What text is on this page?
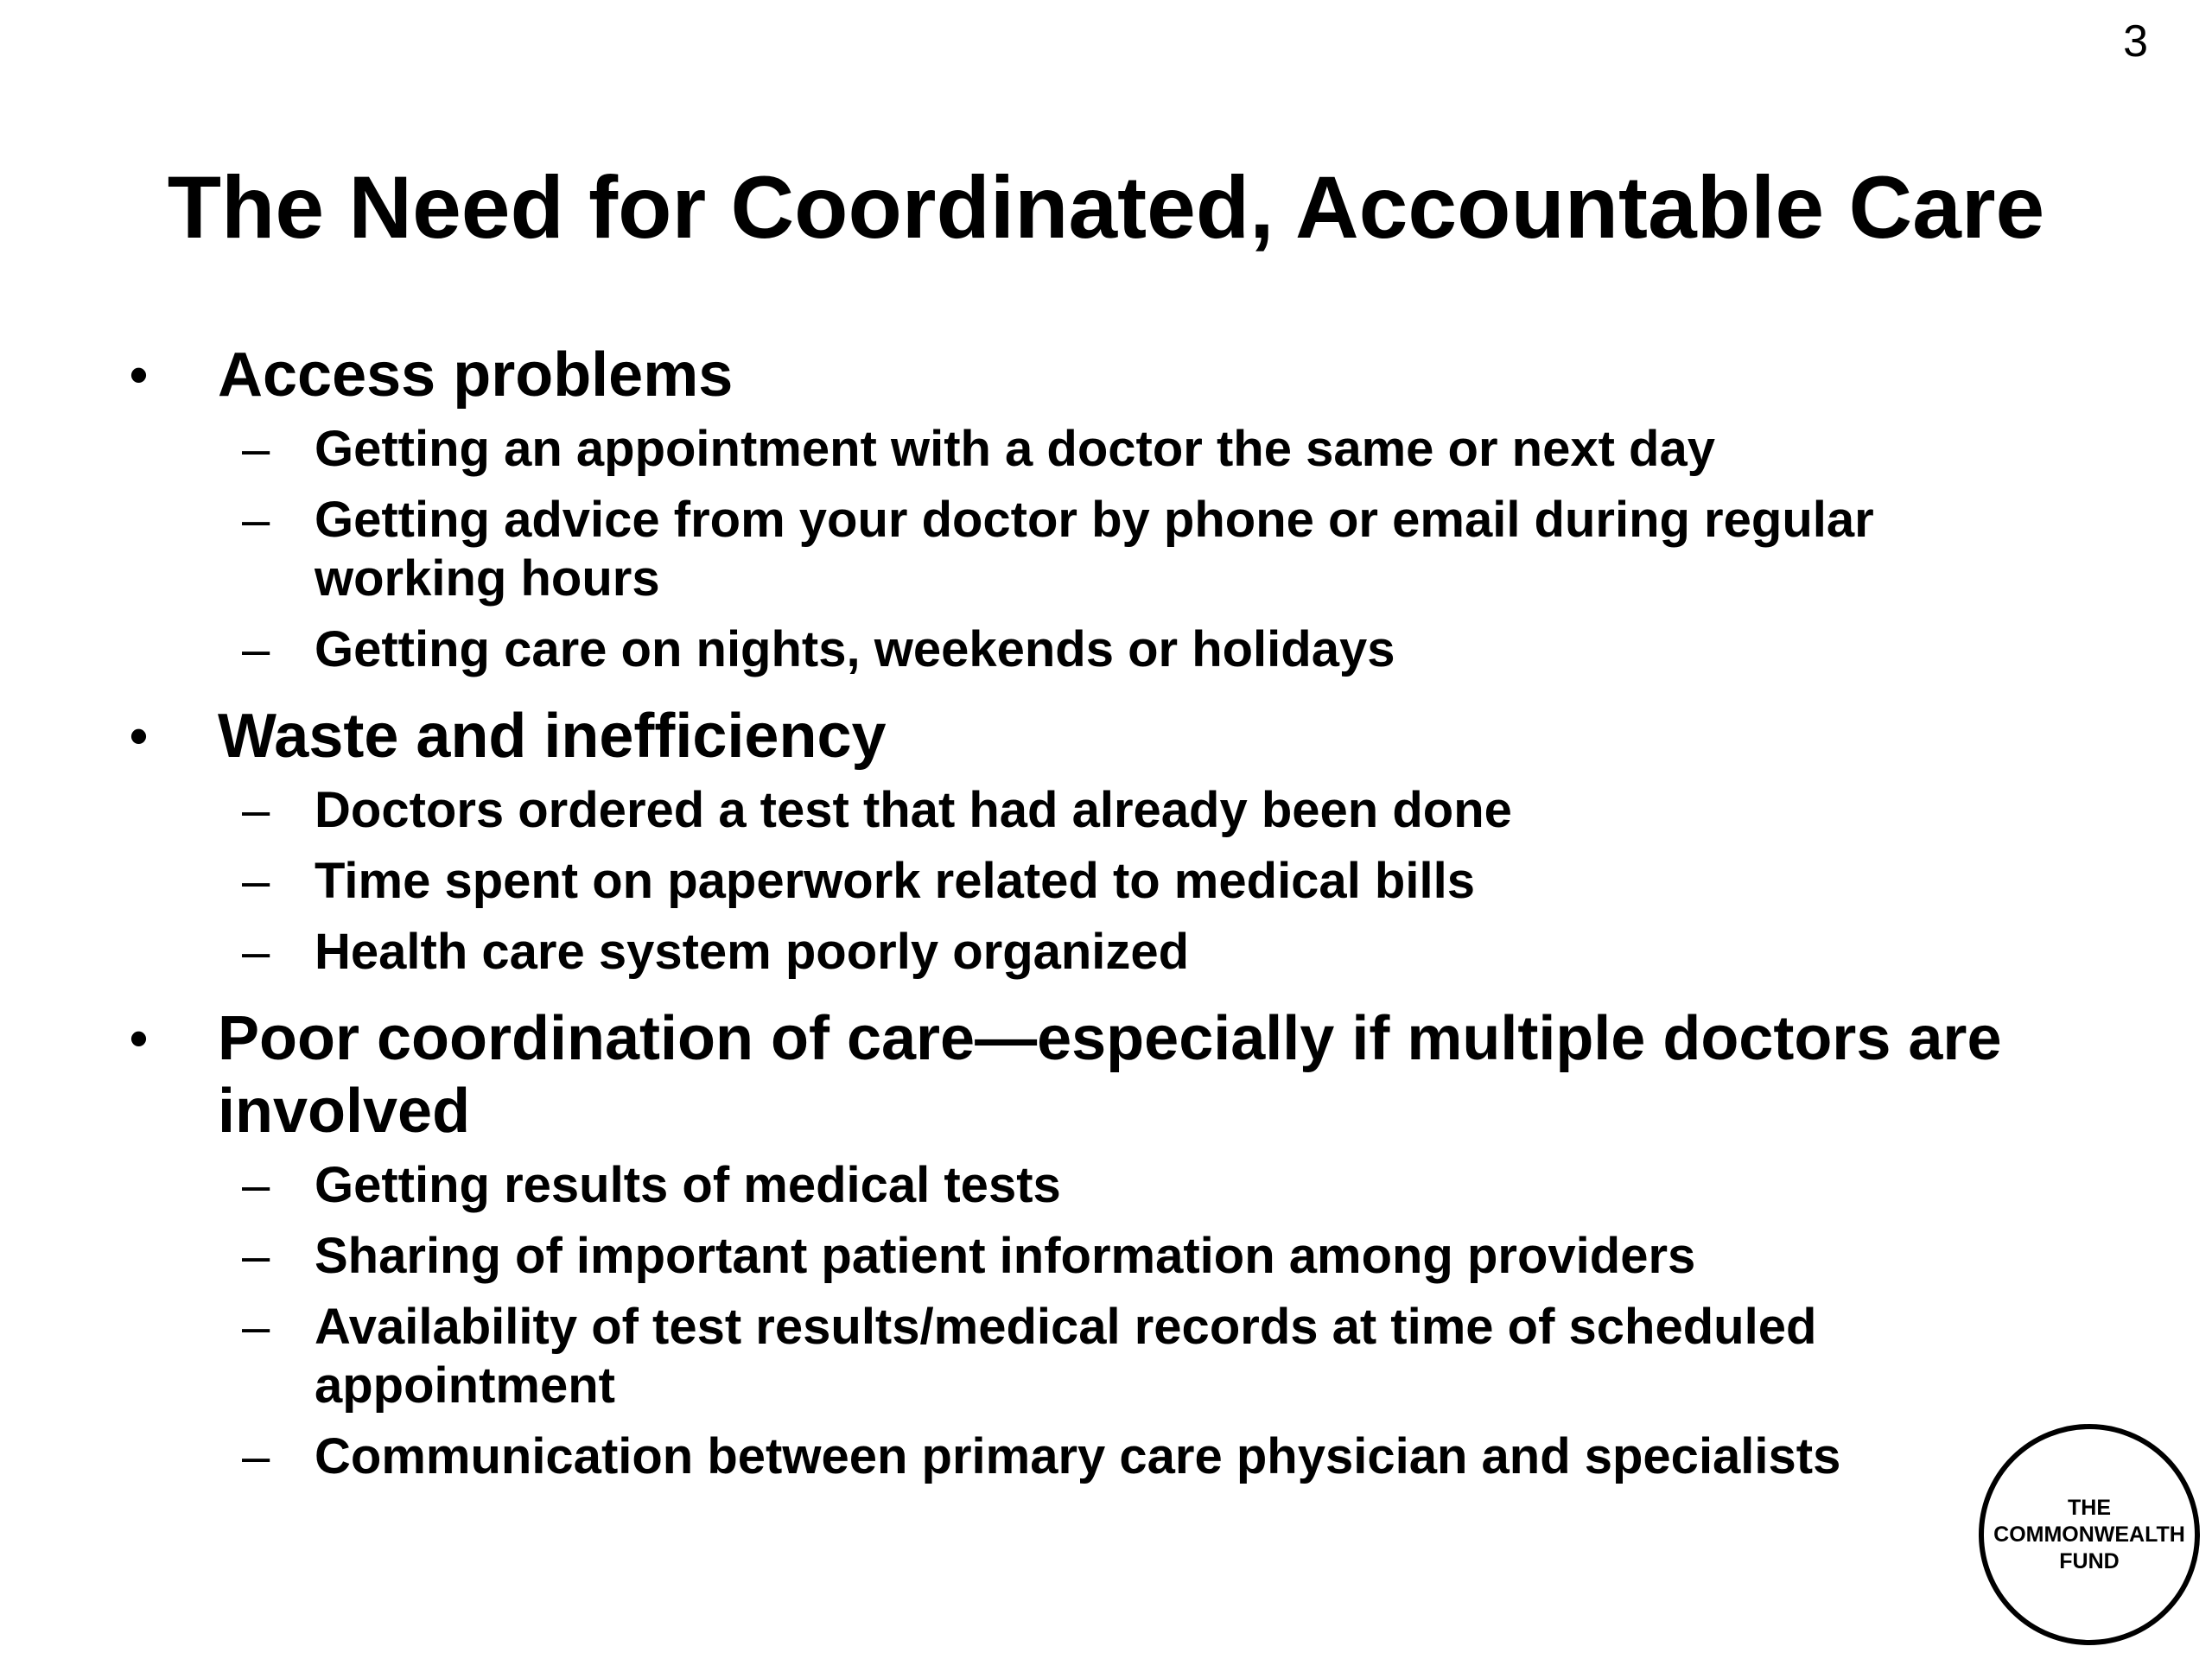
3
The Need for Coordinated, Accountable Care
• Access problems
– Getting an appointment with a doctor the same or next day
– Getting advice from your doctor by phone or email during regular working hours
– Getting care on nights, weekends or holidays
• Waste and inefficiency
– Doctors ordered a test that had already been done
– Time spent on paperwork related to medical bills
– Health care system poorly organized
• Poor coordination of care—especially if multiple doctors are involved
– Getting results of medical tests
– Sharing of important patient information among providers
– Availability of test results/medical records at time of scheduled appointment
– Communication between primary care physician and specialists
THE
COMMONWEALTH
FUND
